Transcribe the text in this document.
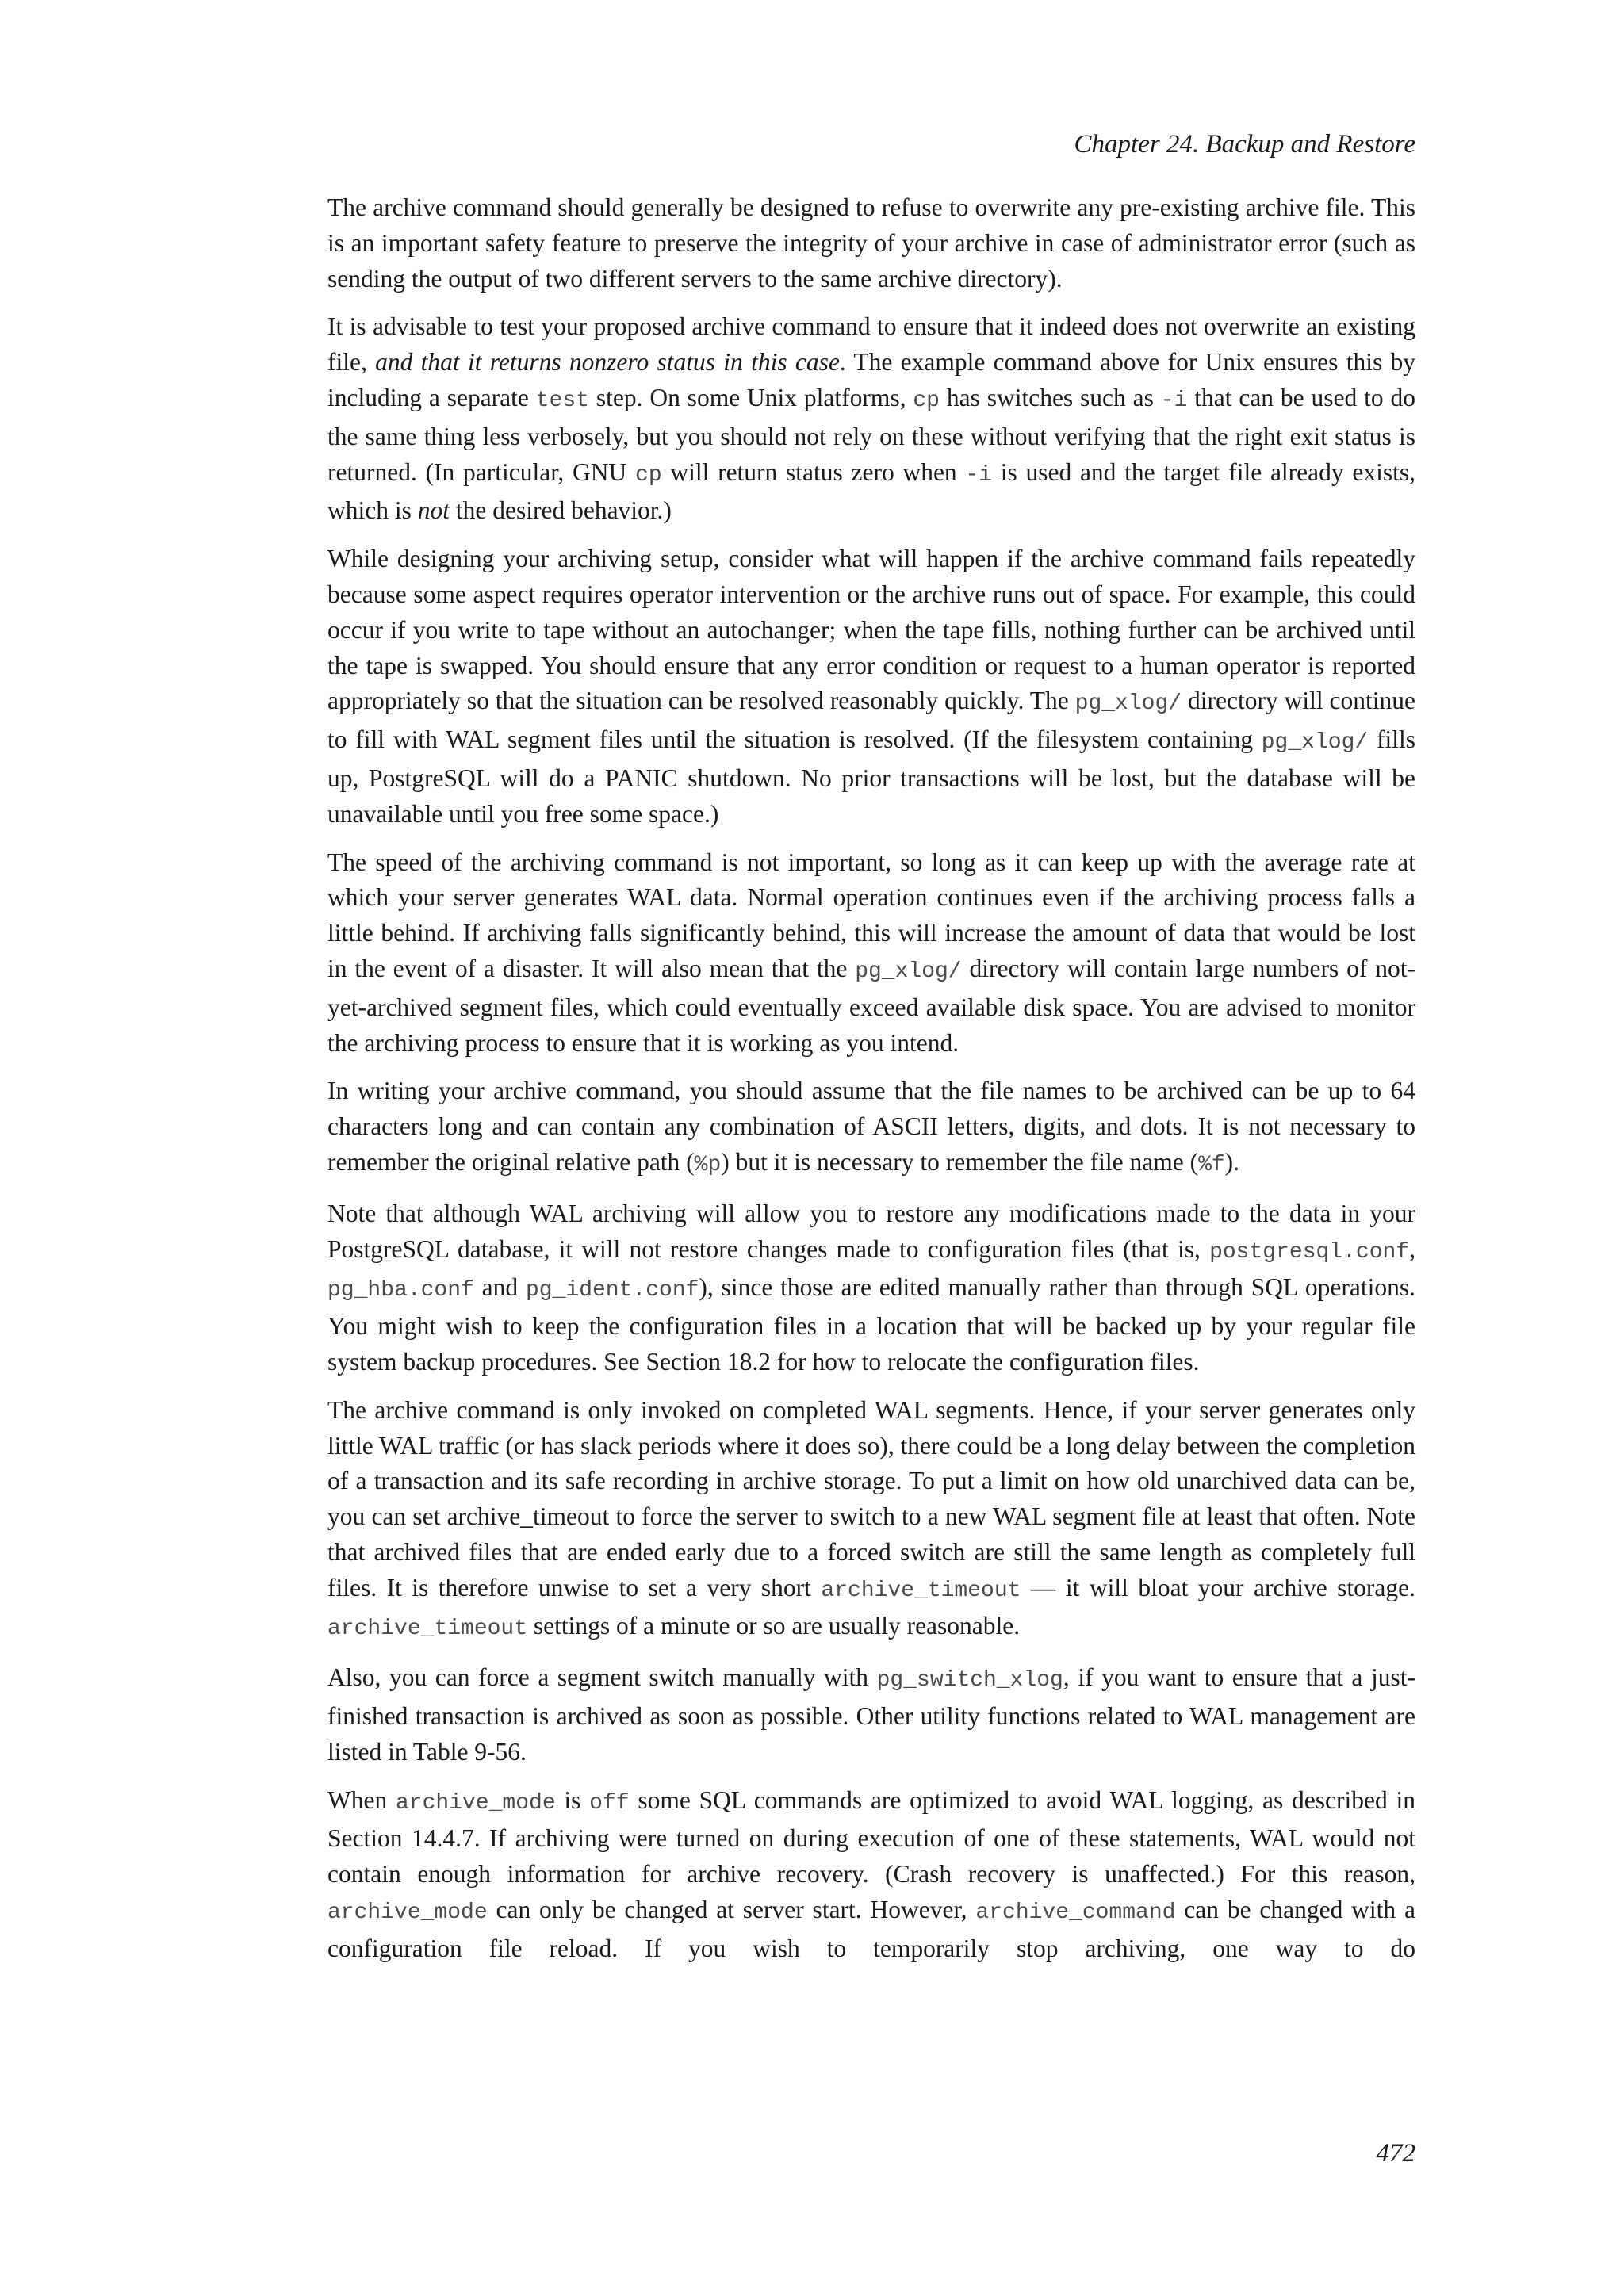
Chapter 24. Backup and Restore

The archive command should generally be designed to refuse to overwrite any pre-existing archive file. This is an important safety feature to preserve the integrity of your archive in case of administrator error (such as sending the output of two different servers to the same archive directory).

It is advisable to test your proposed archive command to ensure that it indeed does not overwrite an existing file, and that it returns nonzero status in this case. The example command above for Unix ensures this by including a separate test step. On some Unix platforms, cp has switches such as -i that can be used to do the same thing less verbosely, but you should not rely on these without verifying that the right exit status is returned. (In particular, GNU cp will return status zero when -i is used and the target file already exists, which is not the desired behavior.)

While designing your archiving setup, consider what will happen if the archive command fails repeatedly because some aspect requires operator intervention or the archive runs out of space. For example, this could occur if you write to tape without an autochanger; when the tape fills, nothing further can be archived until the tape is swapped. You should ensure that any error condition or request to a human operator is reported appropriately so that the situation can be resolved reasonably quickly. The pg_xlog/ directory will continue to fill with WAL segment files until the situation is resolved. (If the filesystem containing pg_xlog/ fills up, PostgreSQL will do a PANIC shutdown. No prior transactions will be lost, but the database will be unavailable until you free some space.)

The speed of the archiving command is not important, so long as it can keep up with the average rate at which your server generates WAL data. Normal operation continues even if the archiving process falls a little behind. If archiving falls significantly behind, this will increase the amount of data that would be lost in the event of a disaster. It will also mean that the pg_xlog/ directory will contain large numbers of not-yet-archived segment files, which could eventually exceed available disk space. You are advised to monitor the archiving process to ensure that it is working as you intend.

In writing your archive command, you should assume that the file names to be archived can be up to 64 characters long and can contain any combination of ASCII letters, digits, and dots. It is not necessary to remember the original relative path (%p) but it is necessary to remember the file name (%f).

Note that although WAL archiving will allow you to restore any modifications made to the data in your PostgreSQL database, it will not restore changes made to configuration files (that is, postgresql.conf, pg_hba.conf and pg_ident.conf), since those are edited manually rather than through SQL operations. You might wish to keep the configuration files in a location that will be backed up by your regular file system backup procedures. See Section 18.2 for how to relocate the configuration files.

The archive command is only invoked on completed WAL segments. Hence, if your server generates only little WAL traffic (or has slack periods where it does so), there could be a long delay between the completion of a transaction and its safe recording in archive storage. To put a limit on how old unarchived data can be, you can set archive_timeout to force the server to switch to a new WAL segment file at least that often. Note that archived files that are ended early due to a forced switch are still the same length as completely full files. It is therefore unwise to set a very short archive_timeout — it will bloat your archive storage. archive_timeout settings of a minute or so are usually reasonable.

Also, you can force a segment switch manually with pg_switch_xlog, if you want to ensure that a just-finished transaction is archived as soon as possible. Other utility functions related to WAL management are listed in Table 9-56.

When archive_mode is off some SQL commands are optimized to avoid WAL logging, as described in Section 14.4.7. If archiving were turned on during execution of one of these statements, WAL would not contain enough information for archive recovery. (Crash recovery is unaffected.) For this reason, archive_mode can only be changed at server start. However, archive_command can be changed with a configuration file reload. If you wish to temporarily stop archiving, one way to do

472
